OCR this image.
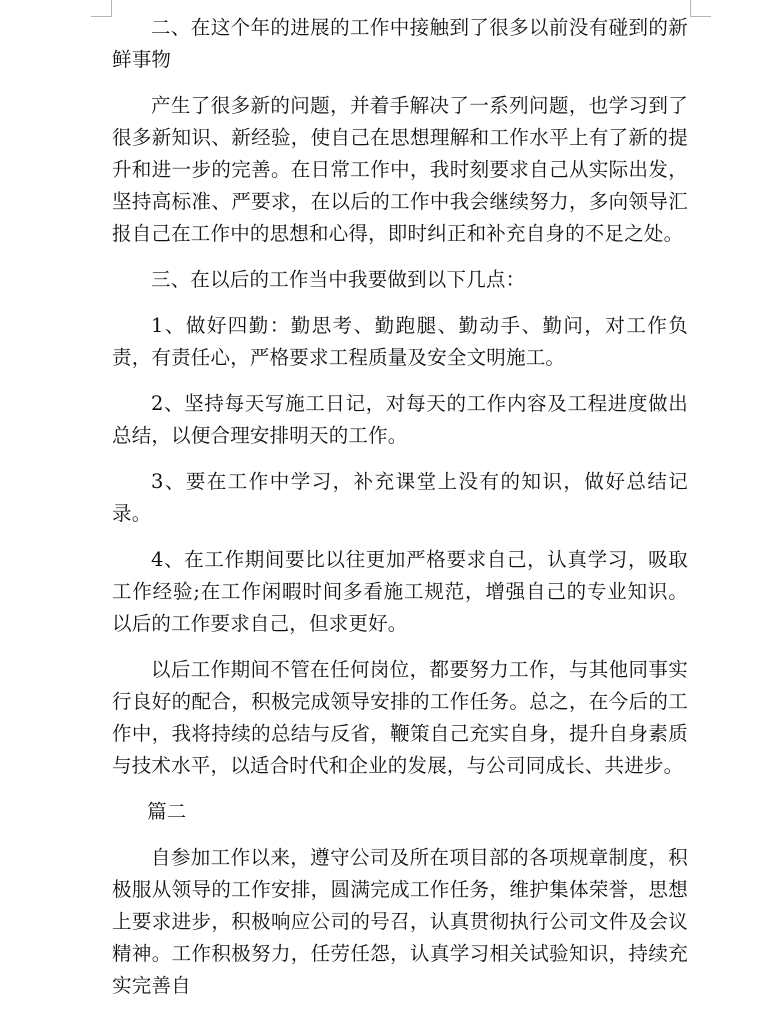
二、在这个年的进展的工作中接触到了很多以前没有碰到的新鲜事物

产生了很多新的问题，并着手解决了一系列问题，也学习到了很多新知识、新经验，使自己在思想理解和工作水平上有了新的提升和进一步的完善。在日常工作中，我时刻要求自己从实际出发，坚持高标准、严要求，在以后的工作中我会继续努力，多向领导汇报自己在工作中的思想和心得，即时纠正和补充自身的不足之处。

三、在以后的工作当中我要做到以下几点：

1、做好四勤：勤思考、勤跑腿、勤动手、勤问，对工作负责，有责任心，严格要求工程质量及安全文明施工。

2、坚持每天写施工日记，对每天的工作内容及工程进度做出总结，以便合理安排明天的工作。

3、要在工作中学习，补充课堂上没有的知识，做好总结记录。

4、在工作期间要比以往更加严格要求自己，认真学习，吸取工作经验;在工作闲暇时间多看施工规范，增强自己的专业知识。以后的工作要求自己，但求更好。

以后工作期间不管在任何岗位，都要努力工作，与其他同事实行良好的配合，积极完成领导安排的工作任务。总之，在今后的工作中，我将持续的总结与反省，鞭策自己充实自身，提升自身素质与技术水平，以适合时代和企业的发展，与公司同成长、共进步。

篇二

自参加工作以来，遵守公司及所在项目部的各项规章制度，积极服从领导的工作安排，圆满完成工作任务，维护集体荣誉，思想上要求进步，积极响应公司的号召，认真贯彻执行公司文件及会议精神。工作积极努力，任劳任怨，认真学习相关试验知识，持续充实完善自
